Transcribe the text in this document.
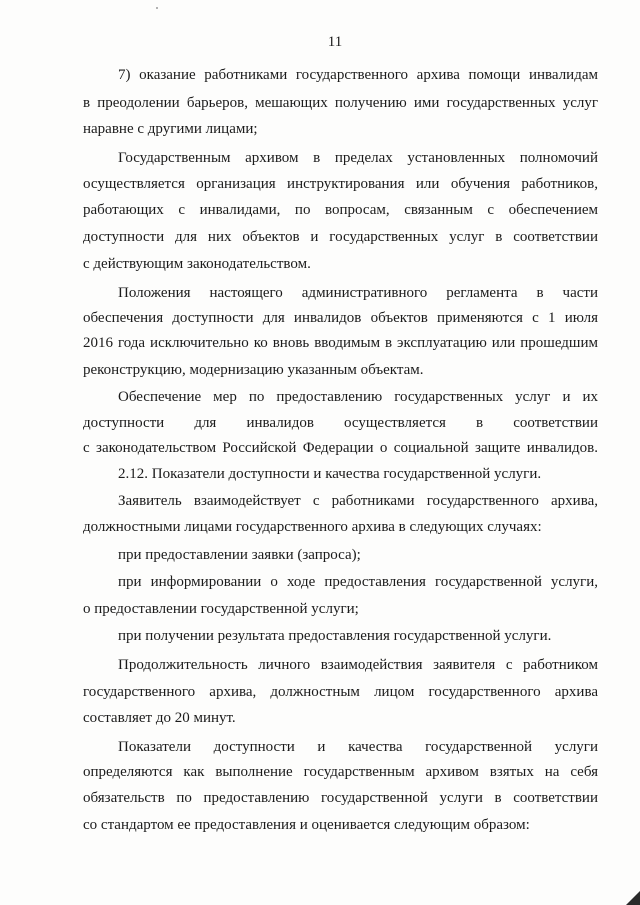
11
7) оказание работниками государственного архива помощи инвалидам
в преодолении барьеров, мешающих получению ими государственных услуг
наравне с другими лицами;
Государственным архивом в пределах установленных полномочий
осуществляется организация инструктирования или обучения работников,
работающих с инвалидами, по вопросам, связанным с обеспечением
доступности для них объектов и государственных услуг в соответствии
с действующим законодательством.
Положения настоящего административного регламента в части
обеспечения доступности для инвалидов объектов применяются с 1 июля
2016 года исключительно ко вновь вводимым в эксплуатацию или прошедшим
реконструкцию, модернизацию указанным объектам.
Обеспечение мер по предоставлению государственных услуг и их
доступности для инвалидов осуществляется в соответствии
с законодательством Российской Федерации о социальной защите инвалидов.
2.12. Показатели доступности и качества государственной услуги.
Заявитель взаимодействует с работниками государственного архива,
должностными лицами государственного архива в следующих случаях:
при предоставлении заявки (запроса);
при информировании о ходе предоставления государственной услуги,
о предоставлении государственной услуги;
при получении результата предоставления государственной услуги.
Продолжительность личного взаимодействия заявителя с работником
государственного архива, должностным лицом государственного архива
составляет до 20 минут.
Показатели доступности и качества государственной услуги
определяются как выполнение государственным архивом взятых на себя
обязательств по предоставлению государственной услуги в соответствии
со стандартом ее предоставления и оценивается следующим образом:
